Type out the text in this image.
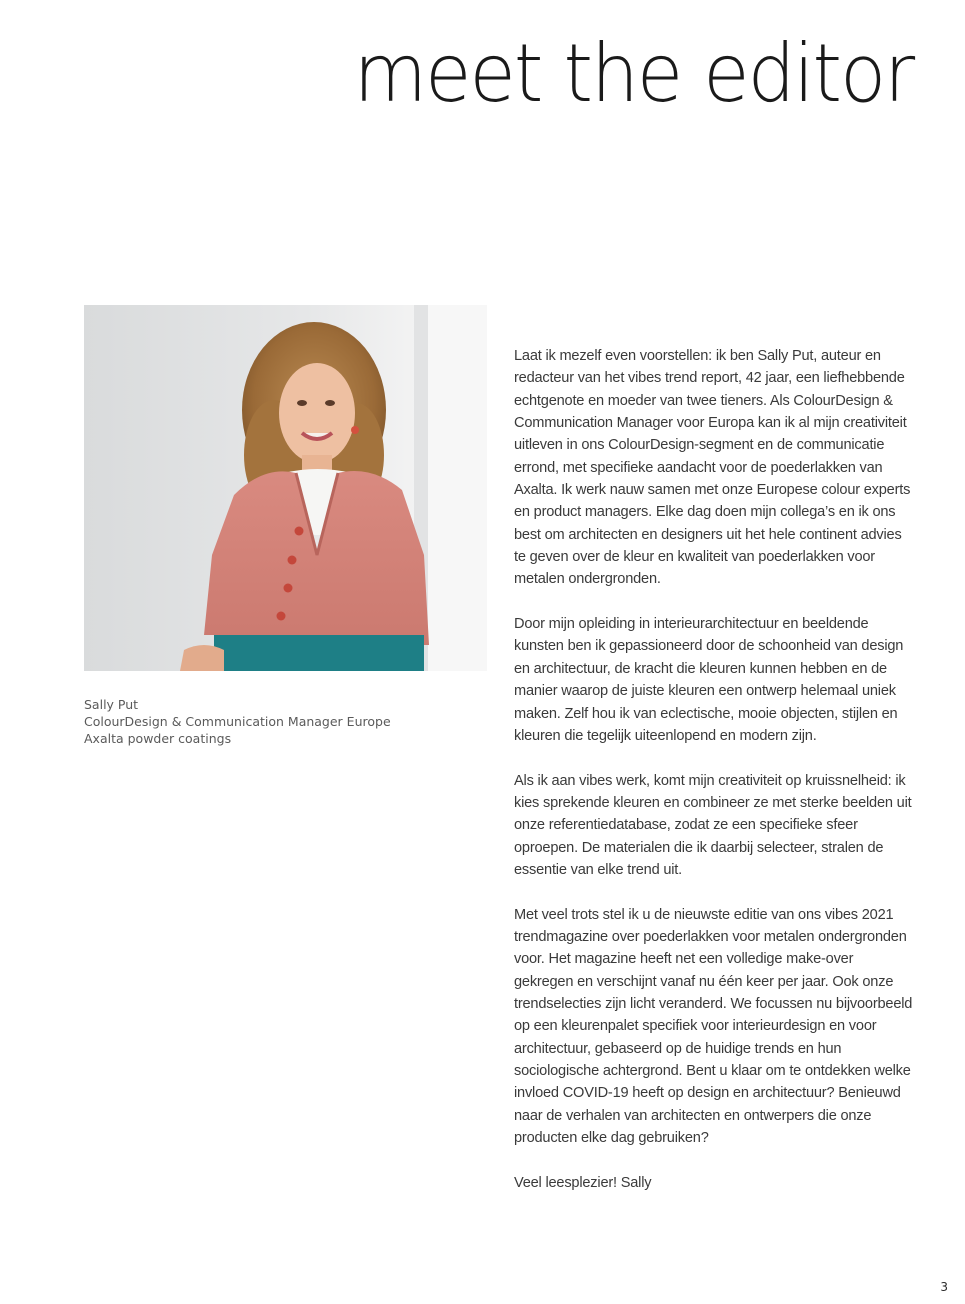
meet the editor
Sally Put
ColourDesign & Communication Manager Europe
Axalta powder coatings

Laat ik mezelf even voorstellen: ik ben Sally Put, auteur en redacteur van het vibes trend report, 42 jaar, een liefhebbende echtgenote en moeder van twee tieners. Als ColourDesign & Communication Manager voor Europa kan ik al mijn creativiteit uitleven in ons ColourDesign-segment en de communicatie errond, met specifieke aandacht voor de poederlakken van Axalta. Ik werk nauw samen met onze Europese colour experts en product managers. Elke dag doen mijn collega’s en ik ons best om architecten en designers uit het hele continent advies te geven over de kleur en kwaliteit van poederlakken voor metalen ondergronden.

Door mijn opleiding in interieurarchitectuur en beeldende kunsten ben ik gepassioneerd door de schoonheid van design en architectuur, de kracht die kleuren kunnen hebben en de manier waarop de juiste kleuren een ontwerp helemaal uniek maken. Zelf hou ik van eclectische, mooie objecten, stijlen en kleuren die tegelijk uiteenlopend en modern zijn.

Als ik aan vibes werk, komt mijn creativiteit op kruissnelheid: ik kies sprekende kleuren en combineer ze met sterke beelden uit onze referentiedatabase, zodat ze een specifieke sfeer oproepen. De materialen die ik daarbij selecteer, stralen de essentie van elke trend uit.

Met veel trots stel ik u de nieuwste editie van ons vibes 2021 trendmagazine over poederlakken voor metalen ondergronden voor. Het magazine heeft net een volledige make-over gekregen en verschijnt vanaf nu één keer per jaar. Ook onze trendselecties zijn licht veranderd. We focussen nu bijvoorbeeld op een kleurenpalet specifiek voor interieurdesign en voor architectuur, gebaseerd op de huidige trends en hun sociologische achtergrond. Bent u klaar om te ontdekken welke invloed COVID-19 heeft op design en architectuur? Benieuwd naar de verhalen van architecten en ontwerpers die onze producten elke dag gebruiken?

Veel leesplezier! Sally

3
